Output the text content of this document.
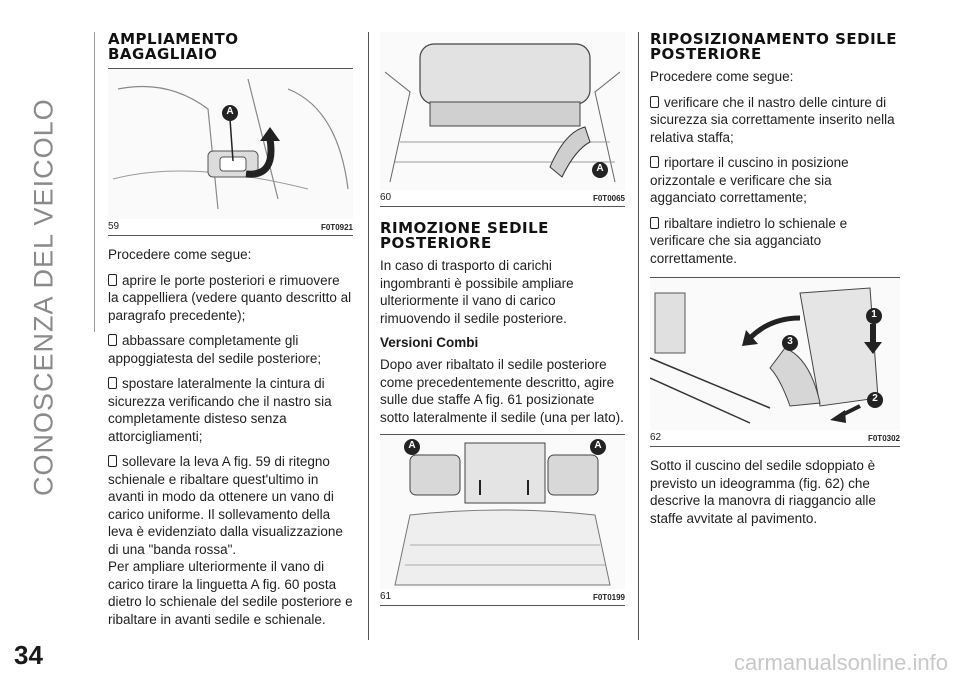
CONOSCENZA DEL VEICOLO
34	carmanualsonline.info
AMPLIAMENTO BAGAGLIAIO
A
59	F0T0921

Procedere come segue:

aprire le porte posteriori e rimuovere la cappelliera (vedere quanto descritto al paragrafo precedente);

abbassare completamente gli appoggiatesta del sedile posteriore;

spostare lateralmente la cintura di sicurezza verificando che il nastro sia completamente disteso senza attorcigliamenti;

sollevare la leva A fig. 59 di ritegno schienale e ribaltare quest'ultimo in avanti in modo da ottenere un vano di carico uniforme. Il sollevamento della leva è evidenziato dalla visualizzazione di una "banda rossa".

Per ampliare ulteriormente il vano di carico tirare la linguetta A fig. 60 posta dietro lo schienale del sedile posteriore e ribaltare in avanti sedile e schienale.

A
60	F0T0065
RIMOZIONE SEDILE POSTERIORE

In caso di trasporto di carichi ingombranti è possibile ampliare ulteriormente il vano di carico rimuovendo il sedile posteriore.

Versioni Combi

Dopo aver ribaltato il sedile posteriore come precedentemente descritto, agire sulle due staffe A fig. 61 posizionate sotto lateralmente il sedile (una per lato).

A	A
61	F0T0199
RIPOSIZIONAMENTO SEDILE POSTERIORE

Procedere come segue:

verificare che il nastro delle cinture di sicurezza sia correttamente inserito nella relativa staffa;

riportare il cuscino in posizione orizzontale e verificare che sia agganciato correttamente;

ribaltare indietro lo schienale e verificare che sia agganciato correttamente.

1
2
3
62	F0T0302

Sotto il cuscino del sedile sdoppiato è previsto un ideogramma (fig. 62) che descrive la manovra di riaggancio alle staffe avvitate al pavimento.
